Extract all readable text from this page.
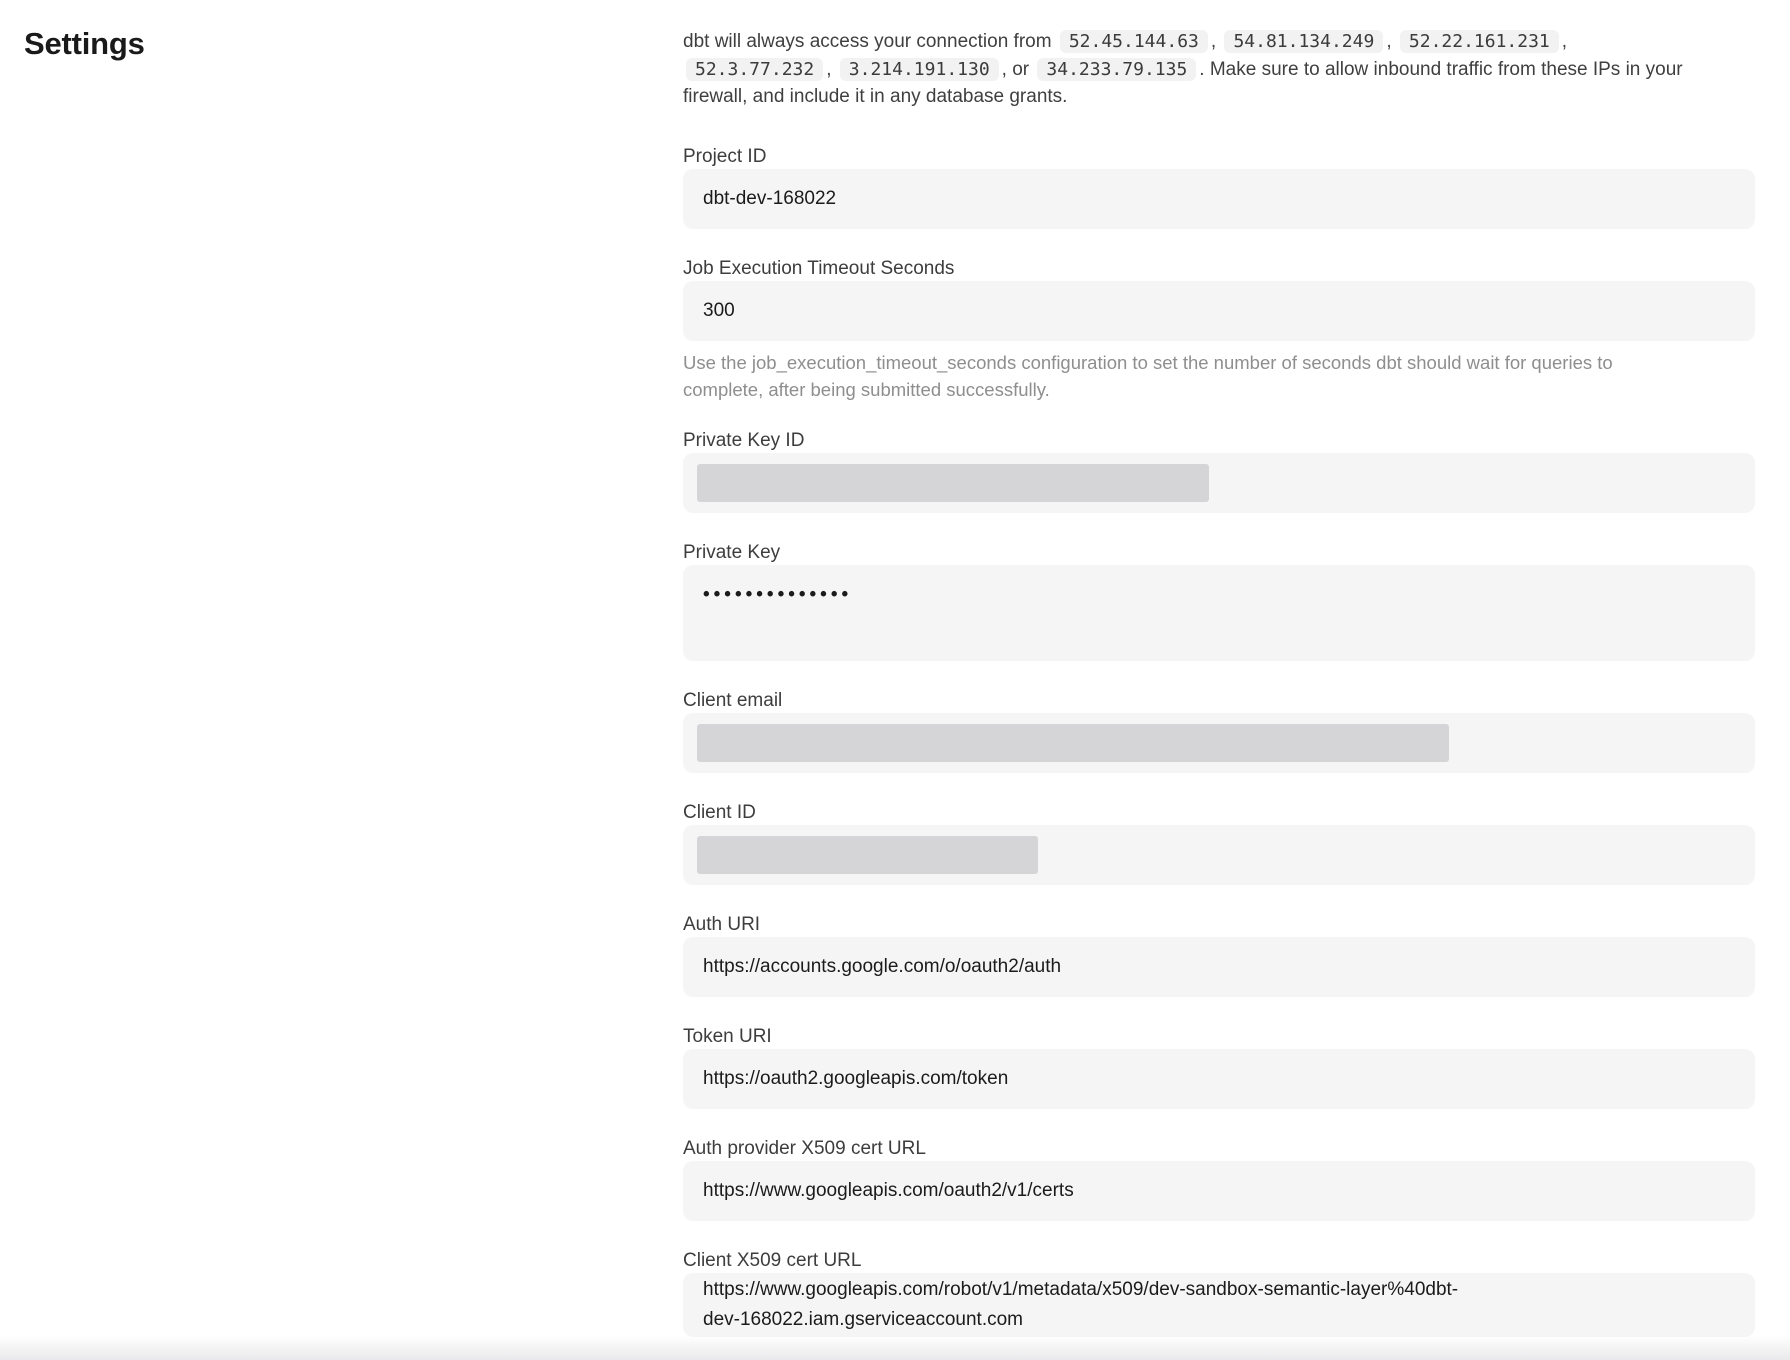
Settings	dbt will always access your connection from 52.45.144.63 , 54.81.134.249 , 52.22.161.231 , 52.3.77.232 , 3.214.191.130 , or 34.233.79.135 . Make sure to allow inbound traffic from these IPs in your firewall, and include it in any database grants.

Project ID
dbt-dev-168022
Job Execution Timeout Seconds
300

Use the job_execution_timeout_seconds configuration to set the number of seconds dbt should wait for queries to complete, after being submitted successfully.

Private Key ID
Private Key
••••••••••••••
Client email
Client ID
Auth URI
https://accounts.google.com/o/oauth2/auth
Token URI
https://oauth2.googleapis.com/token
Auth provider X509 cert URL
https://www.googleapis.com/oauth2/v1/certs
Client X509 cert URL
https://www.googleapis.com/robot/v1/metadata/x509/dev-sandbox-semantic-layer%40dbt-dev-168022.iam.gserviceaccount.com
